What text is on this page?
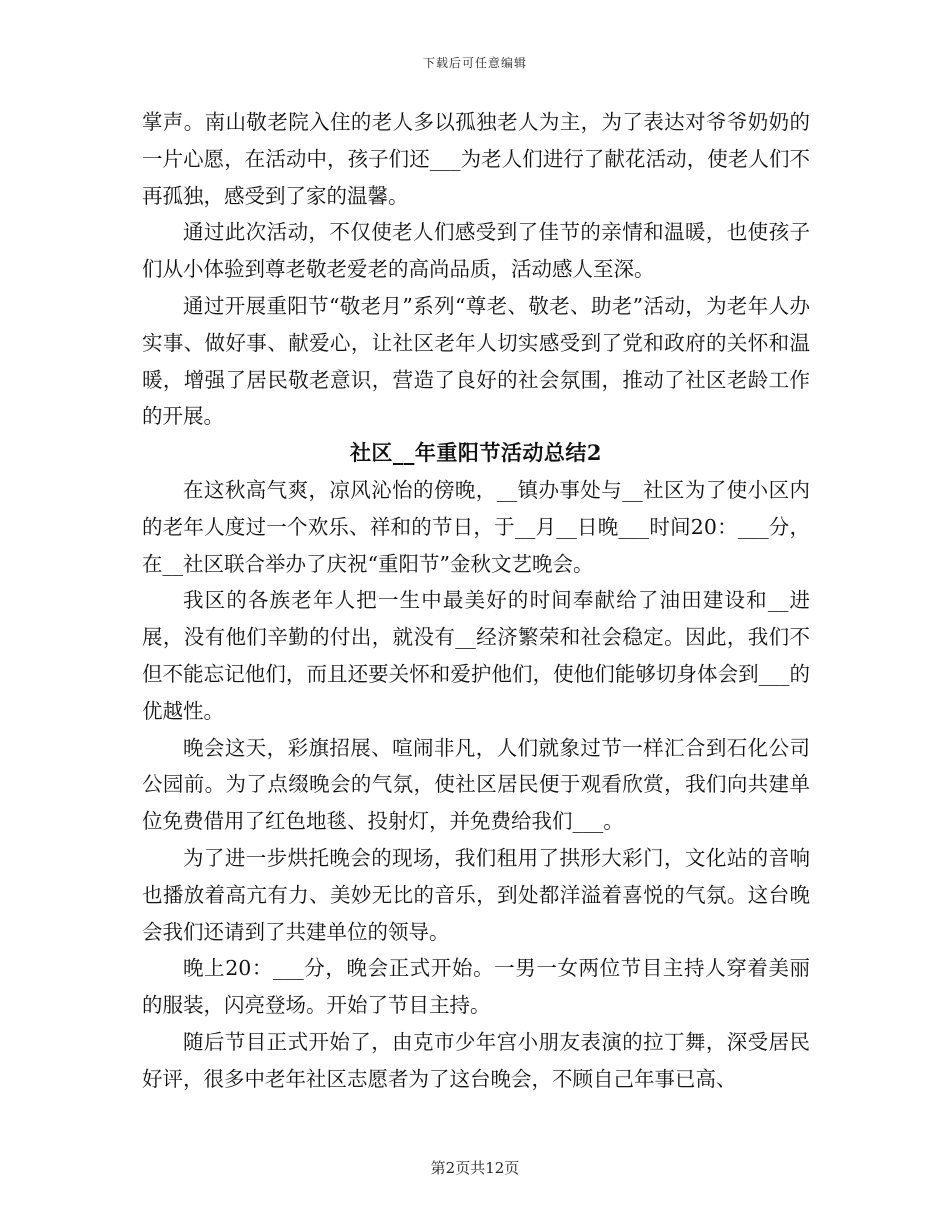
下载后可任意编辑

掌声。南山敬老院入住的老人多以孤独老人为主，为了表达对爷爷奶奶的一片心愿，在活动中，孩子们还___为老人们进行了献花活动，使老人们不再孤独，感受到了家的温馨。

通过此次活动，不仅使老人们感受到了佳节的亲情和温暖，也使孩子们从小体验到尊老敬老爱老的高尚品质，活动感人至深。

通过开展重阳节“敬老月”系列“尊老、敬老、助老”活动，为老年人办实事、做好事、献爱心，让社区老年人切实感受到了党和政府的关怀和温暖，增强了居民敬老意识，营造了良好的社会氛围，推动了社区老龄工作的开展。

社区__年重阳节活动总结2

在这秋高气爽，凉风沁怡的傍晚，__镇办事处与__社区为了使小区内的老年人度过一个欢乐、祥和的节日，于__月__日晚___时间20：___分，在__社区联合举办了庆祝“重阳节”金秋文艺晚会。

我区的各族老年人把一生中最美好的时间奉献给了油田建设和__进展，没有他们辛勤的付出，就没有__经济繁荣和社会稳定。因此，我们不但不能忘记他们，而且还要关怀和爱护他们，使他们能够切身体会到___的优越性。

晚会这天，彩旗招展、喧闹非凡，人们就象过节一样汇合到石化公司公园前。为了点缀晚会的气氛，使社区居民便于观看欣赏，我们向共建单位免费借用了红色地毯、投射灯，并免费给我们___。

为了进一步烘托晚会的现场，我们租用了拱形大彩门，文化站的音响也播放着高亢有力、美妙无比的音乐，到处都洋溢着喜悦的气氛。这台晚会我们还请到了共建单位的领导。

晚上20：___分，晚会正式开始。一男一女两位节目主持人穿着美丽的服装，闪亮登场。开始了节目主持。

随后节目正式开始了，由克市少年宫小朋友表演的拉丁舞，深受居民好评，很多中老年社区志愿者为了这台晚会，不顾自己年事已高、

第2页共12页
